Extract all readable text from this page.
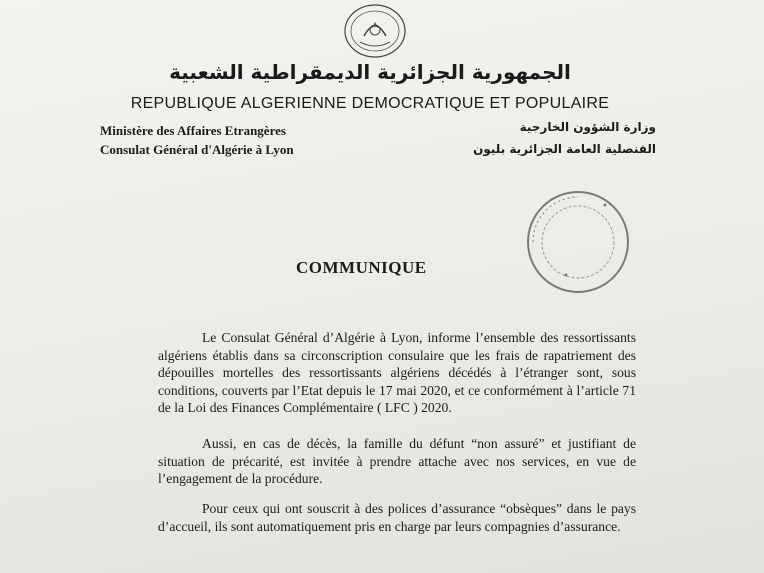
الجمهورية الجزائرية الديمقراطية الشعبية
REPUBLIQUE ALGERIENNE DEMOCRATIQUE ET POPULAIRE
Ministère des Affaires Etrangères
Consulat Général d'Algérie à Lyon
وزارة الشؤون الخارجية
القنصلية العامة الجزائرية بليون
COMMUNIQUE
Le Consulat Général d’Algérie à Lyon, informe l’ensemble des ressortissants algériens établis dans sa circonscription consulaire que les frais de rapatriement des dépouilles mortelles des ressortissants algériens décédés à l’étranger sont, sous conditions, couverts par l’Etat depuis le 17 mai 2020, et ce conformément à l’article 71 de la Loi des Finances Complémentaire ( LFC ) 2020.
Aussi, en cas de décès, la famille du défunt “non assuré” et justifiant de situation de précarité, est invitée à prendre attache avec nos services, en vue de l’engagement de la procédure.
Pour ceux qui ont souscrit à des polices d’assurance “obsèques” dans le pays d’accueil, ils sont automatiquement pris en charge par leurs compagnies d’assurance.
